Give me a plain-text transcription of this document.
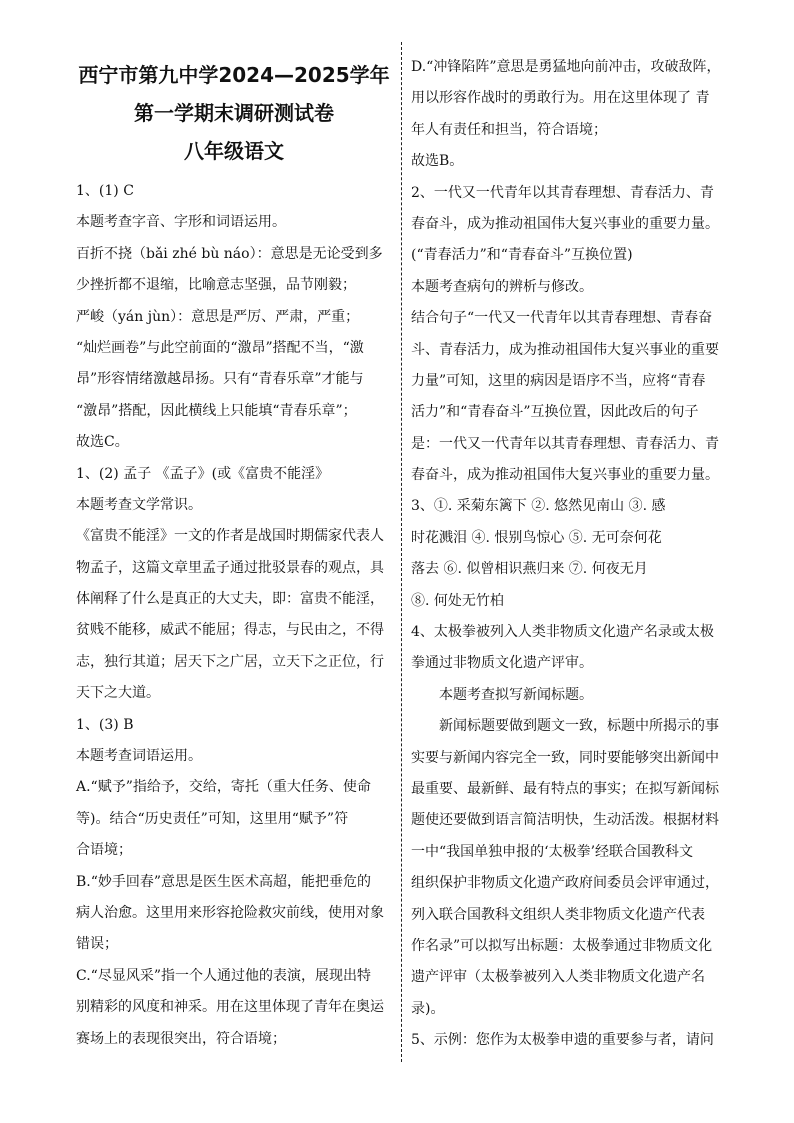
西宁市第九中学2024—2025学年
第一学期末调研测试卷
八年级语文
1、(1) C
本题考查字音、字形和词语运用。
百折不挠（bǎi zhé bù náo）：意思是无论受到多
少挫折都不退缩，比喻意志坚强，品节刚毅；
严峻（yán jùn）：意思是严厉、严肃，严重；
“灿烂画卷”与此空前面的“激昂”搭配不当，“激
昂”形容情绪激越昂扬。只有“青春乐章”才能与
“激昂”搭配，因此横线上只能填“青春乐章”；
故选C。
1、(2) 孟子 《孟子》(或《富贵不能淫》
本题考查文学常识。
《富贵不能淫》一文的作者是战国时期儒家代表人
物孟子，这篇文章里孟子通过批驳景春的观点，具
体阐释了什么是真正的大丈夫，即：富贵不能淫，
贫贱不能移，威武不能屈；得志，与民由之，不得
志，独行其道；居天下之广居，立天下之正位，行
天下之大道。
1、(3) B
本题考查词语运用。
A.“赋予”指给予，交给，寄托（重大任务、使命
等)。结合“历史责任”可知，这里用“赋予”符
合语境；
B.“妙手回春”意思是医生医术高超，能把垂危的
病人治愈。这里用来形容抢险救灾前线，使用对象
错误；
C.“尽显风采”指一个人通过他的表演，展现出特
别精彩的风度和神采。用在这里体现了青年在奥运
赛场上的表现很突出，符合语境；
D.“冲锋陷阵”意思是勇猛地向前冲击，攻破敌阵，
用以形容作战时的勇敢行为。用在这里体现了 青
年人有责任和担当，符合语境；
故选B。
2、一代又一代青年以其青春理想、青春活力、青
春奋斗，成为推动祖国伟大复兴事业的重要力量。
(“青春活力”和“青春奋斗”互换位置)
本题考查病句的辨析与修改。
结合句子“一代又一代青年以其青春理想、青春奋
斗、青春活力，成为推动祖国伟大复兴事业的重要
力量”可知，这里的病因是语序不当，应将“青春
活力”和“青春奋斗”互换位置，因此改后的句子
是：一代又一代青年以其青春理想、青春活力、青
春奋斗，成为推动祖国伟大复兴事业的重要力量。
3、①. 采菊东篱下 ②. 悠然见南山 ③. 感
时花溅泪 ④. 恨别鸟惊心 ⑤. 无可奈何花
落去 ⑥. 似曾相识燕归来 ⑦. 何夜无月
⑧. 何处无竹柏
4、太极拳被列入人类非物质文化遗产名录或太极
拳通过非物质文化遗产评审。
本题考查拟写新闻标题。
新闻标题要做到题文一致，标题中所揭示的事
实要与新闻内容完全一致，同时要能够突出新闻中
最重要、最新鲜、最有特点的事实；在拟写新闻标
题使还要做到语言简洁明快，生动活泼。根据材料
一中“我国单独申报的‘太极拳’经联合国教科文
组织保护非物质文化遗产政府间委员会评审通过，
列入联合国教科文组织人类非物质文化遗产代表
作名录”可以拟写出标题：太极拳通过非物质文化
遗产评审（太极拳被列入人类非物质文化遗产名
录)。
5、示例：您作为太极拳申遗的重要参与者，请问
